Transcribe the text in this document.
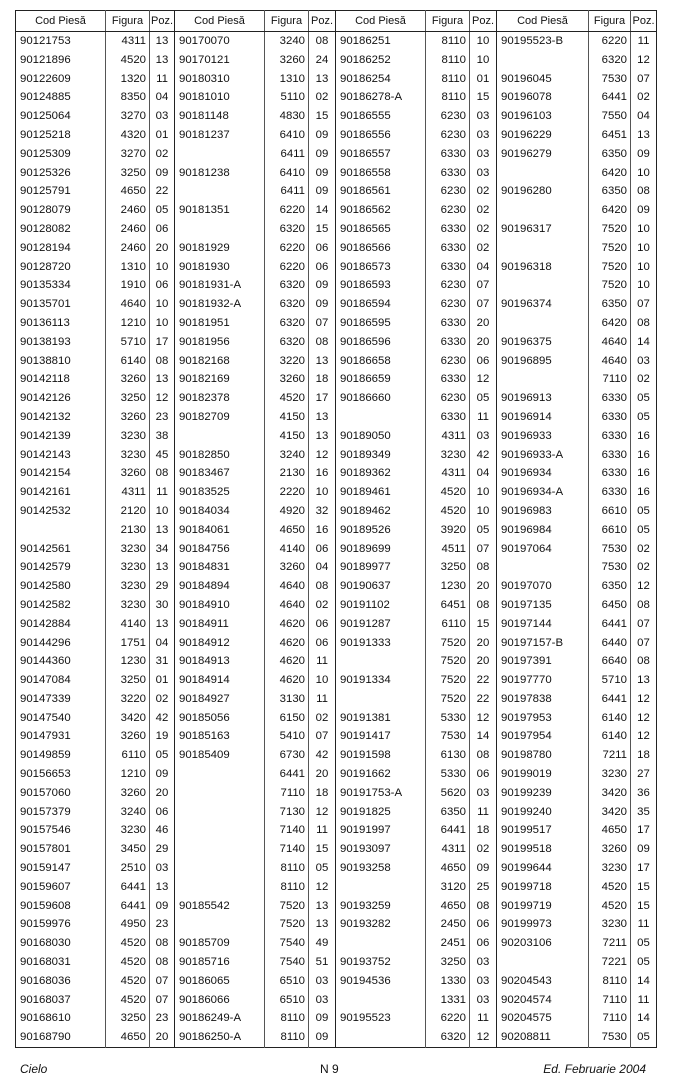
Cod Piesă	Figura	Poz.	Cod Piesă	Figura	Poz.	Cod Piesă	Figura	Poz.	Cod Piesă	Figura	Poz.
90121753	4311	13	90170070	3240	08	90186251	8110	10	90195523-B	6220	11
90121896	4520	13	90170121	3260	24	90186252	8110	10		6320	12
90122609	1320	11	90180310	1310	13	90186254	8110	01	90196045	7530	07
90124885	8350	04	90181010	5110	02	90186278-A	8110	15	90196078	6441	02
90125064	3270	03	90181148	4830	15	90186555	6230	03	90196103	7550	04
90125218	4320	01	90181237	6410	09	90186556	6230	03	90196229	6451	13
90125309	3270	02		6411	09	90186557	6330	03	90196279	6350	09
90125326	3250	09	90181238	6410	09	90186558	6330	03		6420	10
90125791	4650	22		6411	09	90186561	6230	02	90196280	6350	08
90128079	2460	05	90181351	6220	14	90186562	6230	02		6420	09
90128082	2460	06		6320	15	90186565	6330	02	90196317	7520	10
90128194	2460	20	90181929	6220	06	90186566	6330	02		7520	10
90128720	1310	10	90181930	6220	06	90186573	6330	04	90196318	7520	10
90135334	1910	06	90181931-A	6320	09	90186593	6230	07		7520	10
90135701	4640	10	90181932-A	6320	09	90186594	6230	07	90196374	6350	07
90136113	1210	10	90181951	6320	07	90186595	6330	20		6420	08
90138193	5710	17	90181956	6320	08	90186596	6330	20	90196375	4640	14
90138810	6140	08	90182168	3220	13	90186658	6230	06	90196895	4640	03
90142118	3260	13	90182169	3260	18	90186659	6330	12		7110	02
90142126	3250	12	90182378	4520	17	90186660	6230	05	90196913	6330	05
90142132	3260	23	90182709	4150	13		6330	11	90196914	6330	05
90142139	3230	38		4150	13	90189050	4311	03	90196933	6330	16
90142143	3230	45	90182850	3240	12	90189349	3230	42	90196933-A	6330	16
90142154	3260	08	90183467	2130	16	90189362	4311	04	90196934	6330	16
90142161	4311	11	90183525	2220	10	90189461	4520	10	90196934-A	6330	16
90142532	2120	10	90184034	4920	32	90189462	4520	10	90196983	6610	05
	2130	13	90184061	4650	16	90189526	3920	05	90196984	6610	05
90142561	3230	34	90184756	4140	06	90189699	4511	07	90197064	7530	02
90142579	3230	13	90184831	3260	04	90189977	3250	08		7530	02
90142580	3230	29	90184894	4640	08	90190637	1230	20	90197070	6350	12
90142582	3230	30	90184910	4640	02	90191102	6451	08	90197135	6450	08
90142884	4140	13	90184911	4620	06	90191287	6110	15	90197144	6441	07
90144296	1751	04	90184912	4620	06	90191333	7520	20	90197157-B	6440	07
90144360	1230	31	90184913	4620	11		7520	20	90197391	6640	08
90147084	3250	01	90184914	4620	10	90191334	7520	22	90197770	5710	13
90147339	3220	02	90184927	3130	11		7520	22	90197838	6441	12
90147540	3420	42	90185056	6150	02	90191381	5330	12	90197953	6140	12
90147931	3260	19	90185163	5410	07	90191417	7530	14	90197954	6140	12
90149859	6110	05	90185409	6730	42	90191598	6130	08	90198780	7211	18
90156653	1210	09		6441	20	90191662	5330	06	90199019	3230	27
90157060	3260	20		7110	18	90191753-A	5620	03	90199239	3420	36
90157379	3240	06		7130	12	90191825	6350	11	90199240	3420	35
90157546	3230	46		7140	11	90191997	6441	18	90199517	4650	17
90157801	3450	29		7140	15	90193097	4311	02	90199518	3260	09
90159147	2510	03		8110	05	90193258	4650	09	90199644	3230	17
90159607	6441	13		8110	12		3120	25	90199718	4520	15
90159608	6441	09	90185542	7520	13	90193259	4650	08	90199719	4520	15
90159976	4950	23		7520	13	90193282	2450	06	90199973	3230	11
90168030	4520	08	90185709	7540	49		2451	06	90203106	7211	05
90168031	4520	08	90185716	7540	51	90193752	3250	03		7221	05
90168036	4520	07	90186065	6510	03	90194536	1330	03	90204543	8110	14
90168037	4520	07	90186066	6510	03		1331	03	90204574	7110	11
90168610	3250	23	90186249-A	8110	09	90195523	6220	11	90204575	7110	14
90168790	4650	20	90186250-A	8110	09		6320	12	90208811	7530	05
Cielo	N 9	Ed. Februarie 2004
